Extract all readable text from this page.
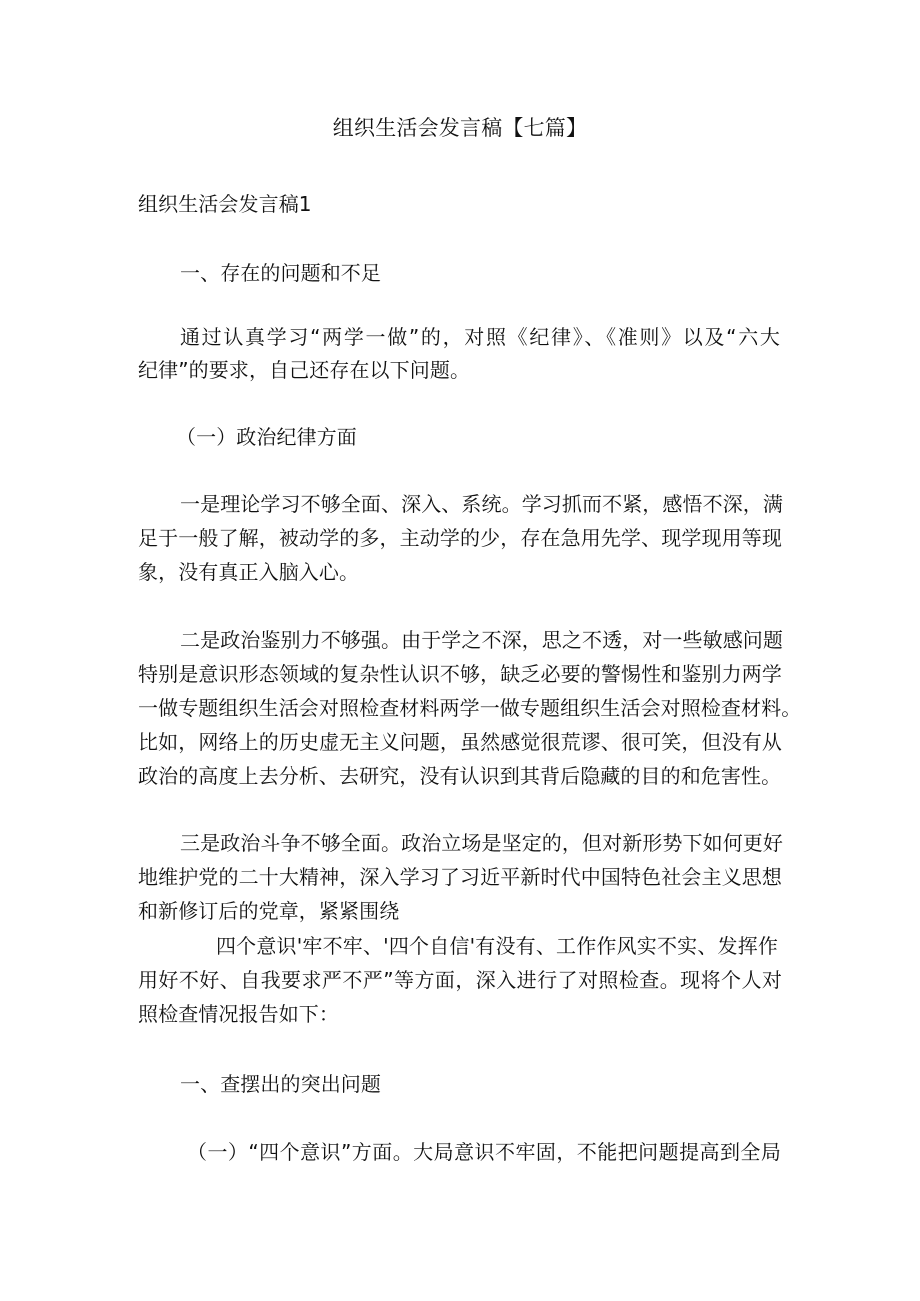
组织生活会发言稿【七篇】
组织生活会发言稿1
一、存在的问题和不足
通过认真学习“两学一做”的，对照《纪律》、《准则》以及“六大
纪律”的要求，自己还存在以下问题。
（一）政治纪律方面
一是理论学习不够全面、深入、系统。学习抓而不紧，感悟不深，满
足于一般了解，被动学的多，主动学的少，存在急用先学、现学现用等现
象，没有真正入脑入心。
二是政治鉴别力不够强。由于学之不深，思之不透，对一些敏感问题
特别是意识形态领域的复杂性认识不够，缺乏必要的警惕性和鉴别力两学
一做专题组织生活会对照检查材料两学一做专题组织生活会对照检查材料。
比如，网络上的历史虚无主义问题，虽然感觉很荒谬、很可笑，但没有从
政治的高度上去分析、去研究，没有认识到其背后隐藏的目的和危害性。
三是政治斗争不够全面。政治立场是坚定的，但对新形势下如何更好
地维护党的二十大精神，深入学习了习近平新时代中国特色社会主义思想
和新修订后的党章，紧紧围绕
四个意识'牢不牢、'四个自信'有没有、工作作风实不实、发挥作
用好不好、自我要求严不严”等方面，深入进行了对照检查。现将个人对
照检查情况报告如下：
一、查摆出的突出问题
（一）“四个意识”方面。大局意识不牢固，不能把问题提高到全局
